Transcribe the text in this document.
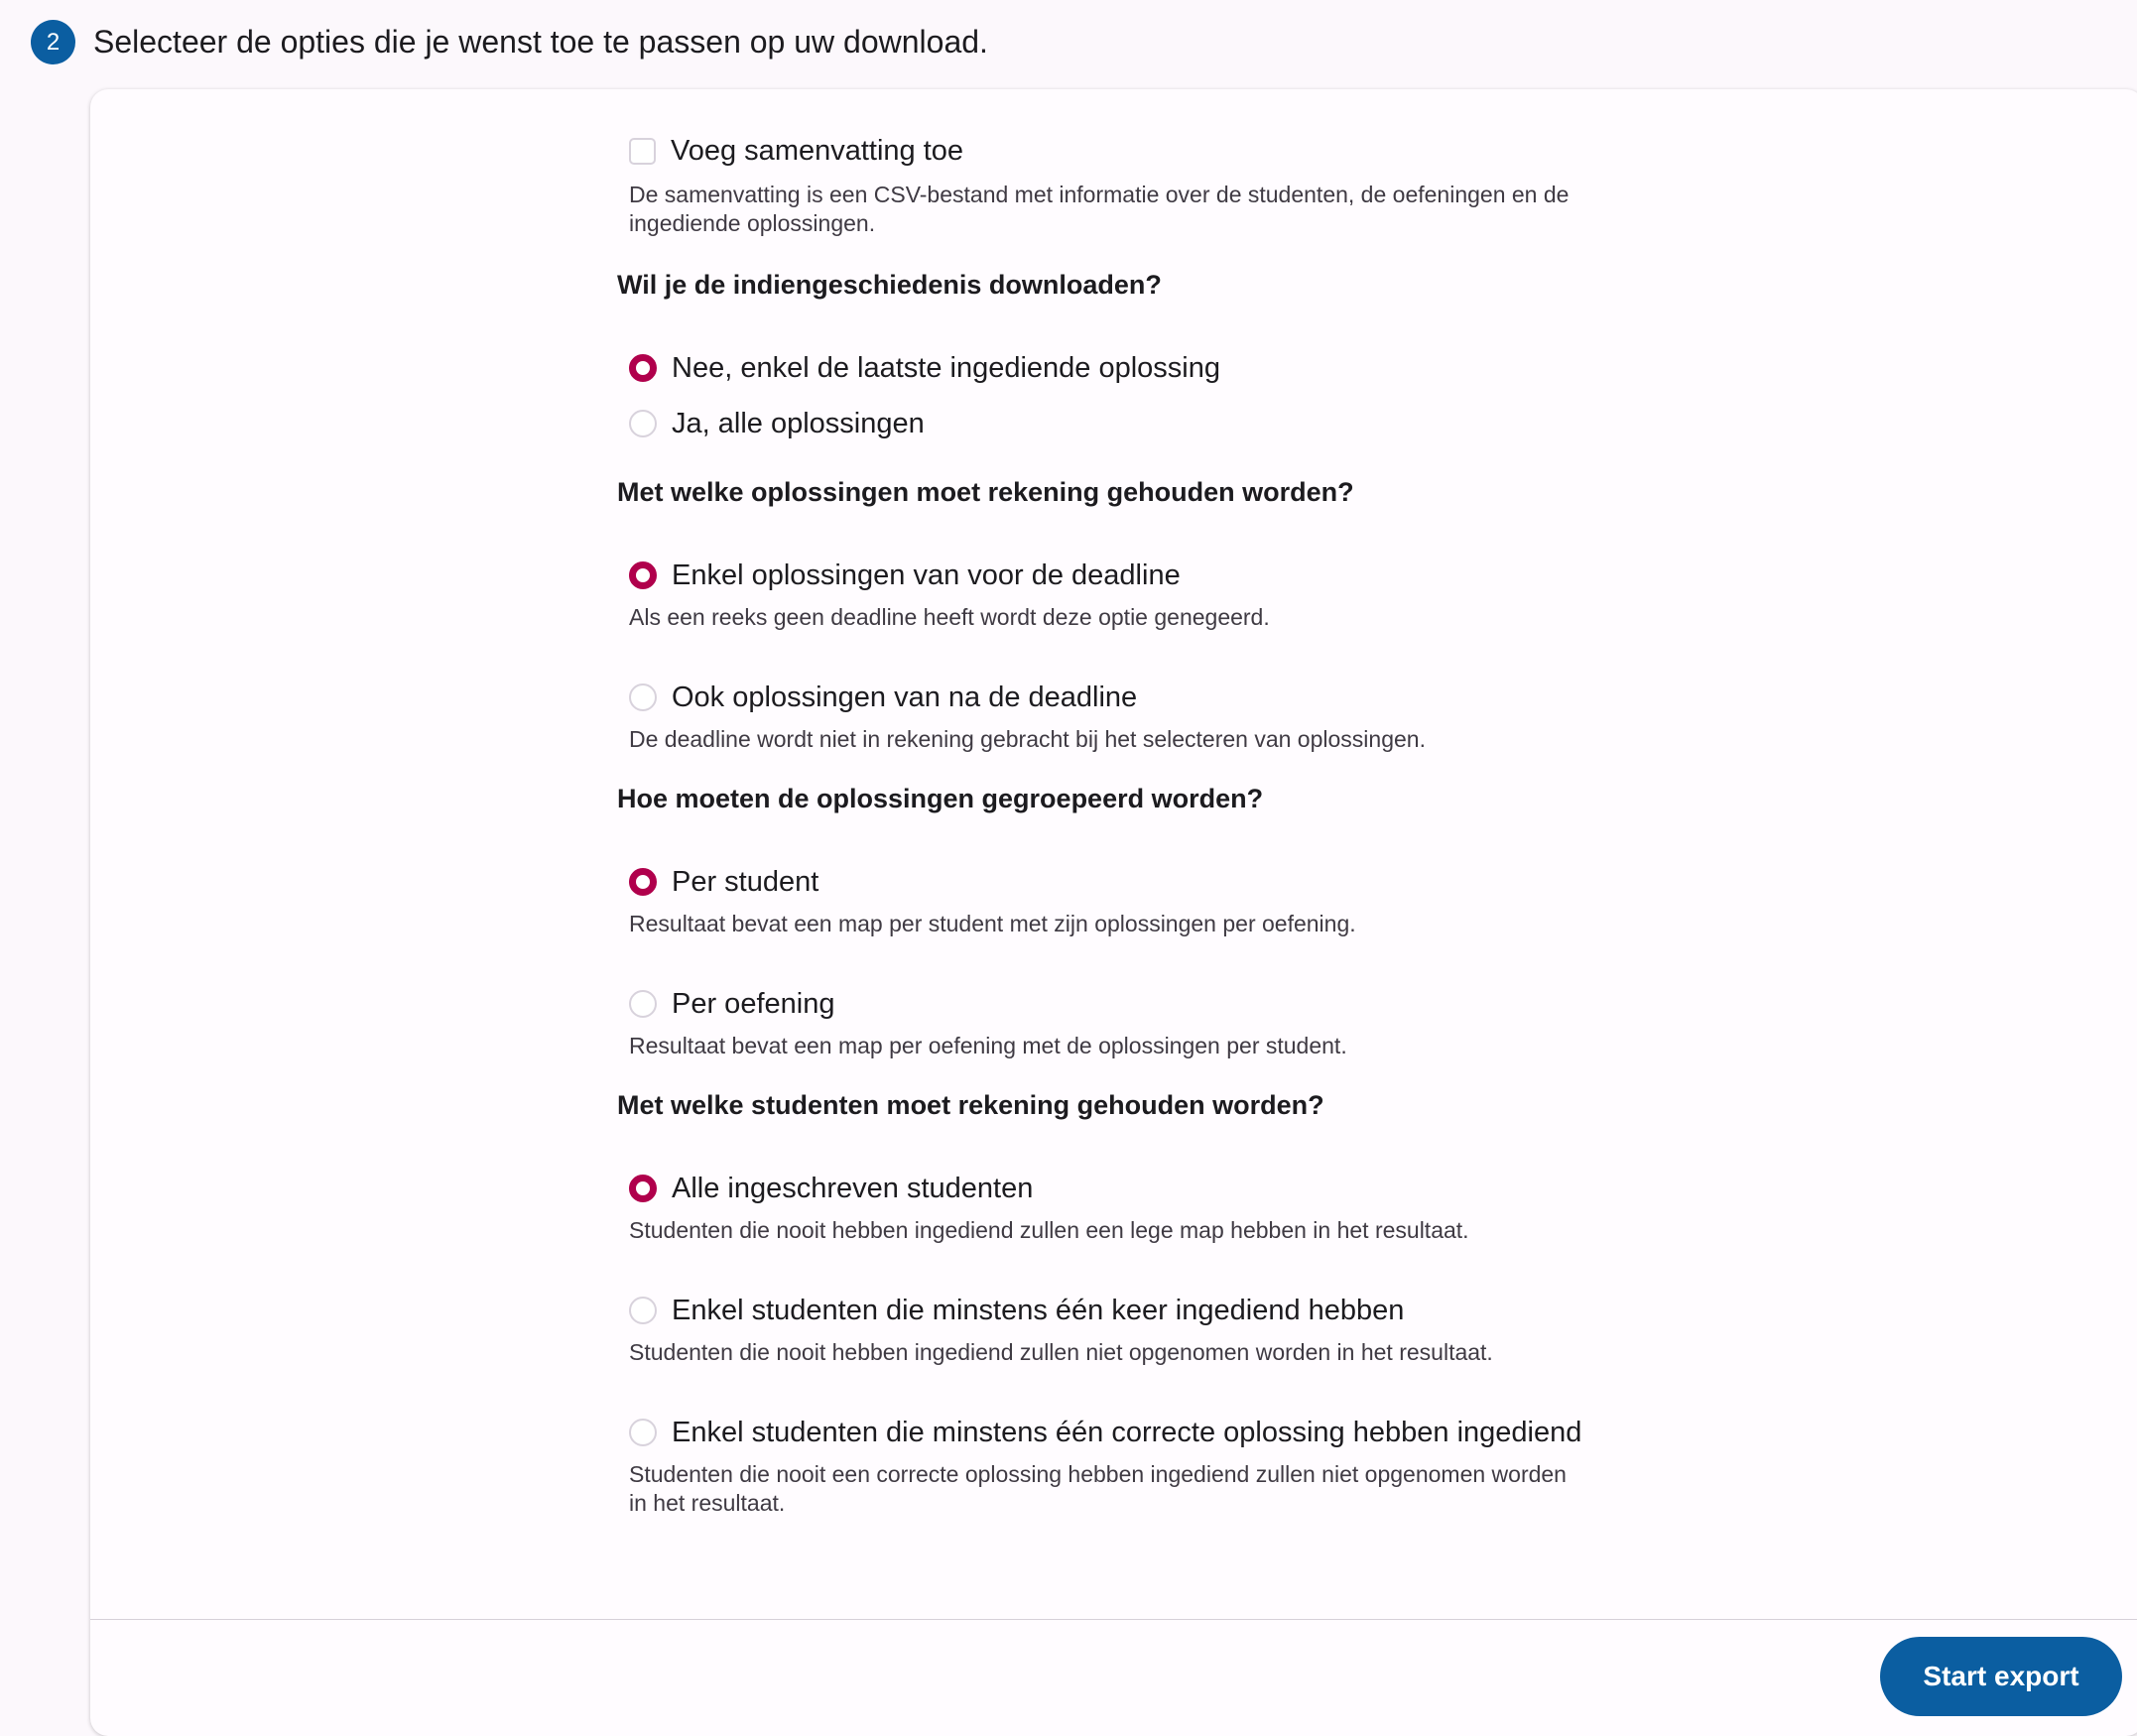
2	Selecteer de opties die je wenst toe te passen op uw download.
Voeg samenvatting toe
De samenvatting is een CSV-bestand met informatie over de studenten, de oefeningen en de ingediende oplossingen.
Wil je de indiengeschiedenis downloaden?
Nee, enkel de laatste ingediende oplossing
Ja, alle oplossingen
Met welke oplossingen moet rekening gehouden worden?
Enkel oplossingen van voor de deadline
Als een reeks geen deadline heeft wordt deze optie genegeerd.
Ook oplossingen van na de deadline
De deadline wordt niet in rekening gebracht bij het selecteren van oplossingen.
Hoe moeten de oplossingen gegroepeerd worden?
Per student
Resultaat bevat een map per student met zijn oplossingen per oefening.
Per oefening
Resultaat bevat een map per oefening met de oplossingen per student.
Met welke studenten moet rekening gehouden worden?
Alle ingeschreven studenten
Studenten die nooit hebben ingediend zullen een lege map hebben in het resultaat.
Enkel studenten die minstens één keer ingediend hebben
Studenten die nooit hebben ingediend zullen niet opgenomen worden in het resultaat.
Enkel studenten die minstens één correcte oplossing hebben ingediend
Studenten die nooit een correcte oplossing hebben ingediend zullen niet opgenomen worden in het resultaat.
Start export
